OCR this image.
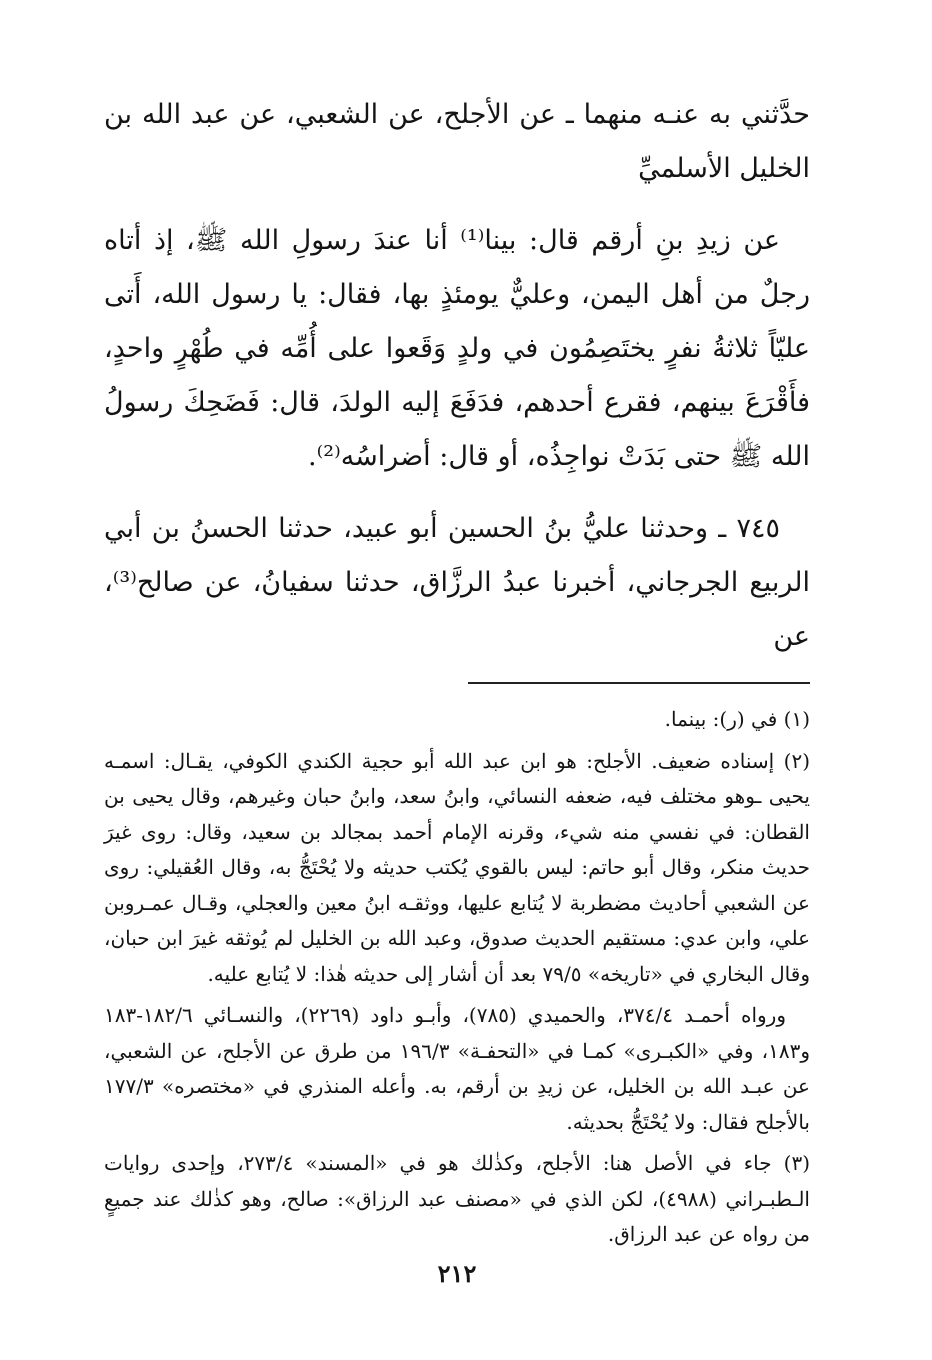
حدَّثني به عنـه منهما ـ عن الأجلح، عن الشعبي، عن عبد الله بن الخليل الأسلميِّ

عن زيدِ بنِ أرقم قال: بينا⁽¹⁾ أنا عندَ رسولِ الله ﷺ، إذ أتاه رجلٌ من أهل اليمن، وعليٌّ يومئذٍ بها، فقال: يا رسول الله، أَتى عليّاً ثلاثةُ نفرٍ يختَصِمُون في ولدٍ وَقَعوا على أُمِّه في طُهْرٍ واحدٍ، فأَقْرَعَ بينهم، فقرع أحدهم، فدَفَعَ إليه الولدَ، قال: فَضَحِكَ رسولُ الله ﷺ حتى بَدَتْ نواجِذُه، أو قال: أضراسُه⁽²⁾.

٧٤٥ ـ وحدثنا عليُّ بنُ الحسين أبو عبيد، حدثنا الحسنُ بن أبي الربيع الجرجاني، أخبرنا عبدُ الرزَّاق، حدثنا سفيانُ، عن صالح⁽³⁾، عن

(١) في (ر): بينما.

(٢) إسناده ضعيف. الأجلح: هو ابن عبد الله أبو حجية الكندي الكوفي، يقـال: اسمـه يحيى ـوهو مختلف فيه، ضعفه النسائي، وابنُ سعد، وابنُ حبان وغيرهم، وقال يحيى بن القطان: في نفسي منه شيء، وقرنه الإمام أحمد بمجالد بن سعيد، وقال: روى غيرَ حديث منكر، وقال أبو حاتم: ليس بالقوي يُكتب حديثه ولا يُحْتَجُّ به، وقال العُقيلي: روى عن الشعبي أحاديث مضطربة لا يُتابع عليها، ووثقـه ابنُ معين والعجلي، وقـال عمـروبن علي، وابن عدي: مستقيم الحديث صدوق، وعبد الله بن الخليل لم يُوثقه غيرَ ابن حبان، وقال البخاري في «تاريخه» ٧٩/٥ بعد أن أشار إلى حديثه هٰذا: لا يُتابع عليه.

ورواه أحمـد ٣٧٤/٤، والحميدي (٧٨٥)، وأبـو داود (٢٢٦٩)، والنسـائي ١٨٢/٦-١٨٣ و١٨٣، وفي «الكبـرى» كمـا في «التحفـة» ١٩٦/٣ من طرق عن الأجلح، عن الشعبي، عن عبـد الله بن الخليل، عن زيدِ بن أرقم، به. وأعله المنذري في «مختصره» ١٧٧/٣ بالأجلح فقال: ولا يُحْتَجُّ بحديثه.

(٣) جاء في الأصل هنا: الأجلح، وكذٰلك هو في «المسند» ٢٧٣/٤، وإحدى روايات الـطبـراني (٤٩٨٨)، لكن الذي في «مصنف عبد الرزاق»: صالح، وهو كذٰلك عند جميعٍ من رواه عن عبد الرزاق.

٢١٢
